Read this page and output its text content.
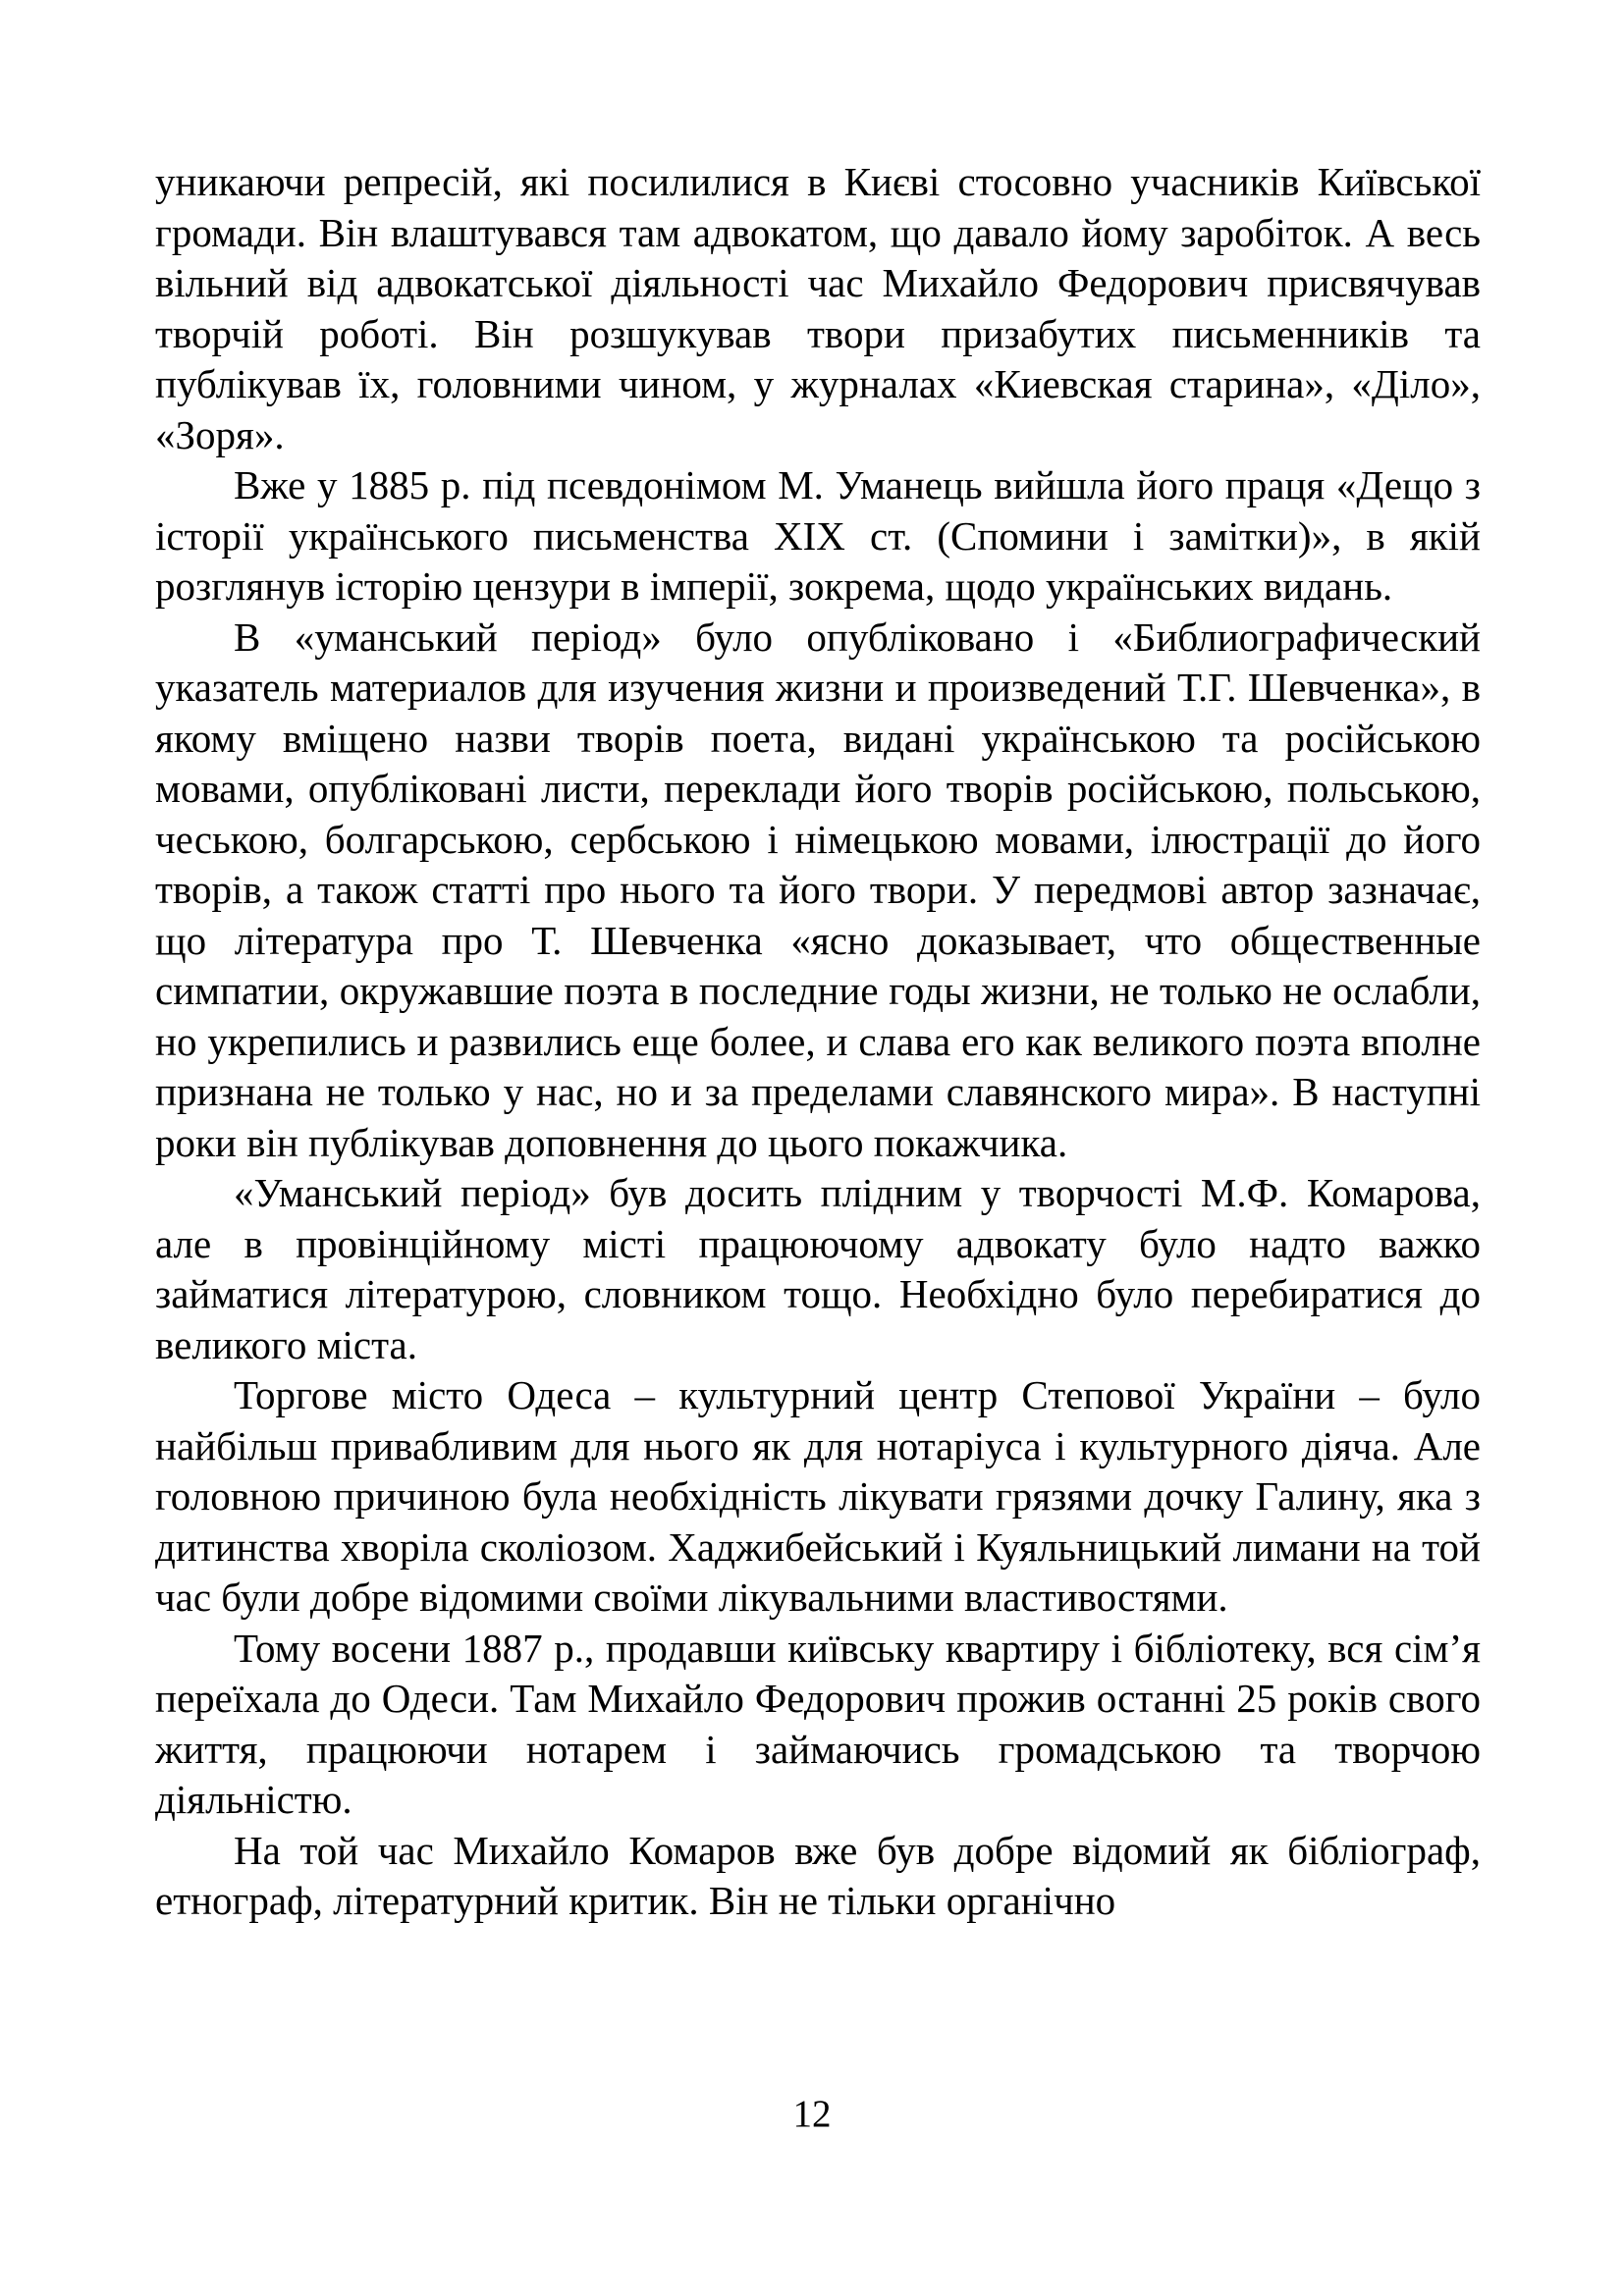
уникаючи репресій, які посилилися в Києві стосовно учасників Київської громади. Він влаштувався там адвокатом, що давало йому заробіток. А весь вільний від адвокатської діяльності час Михайло Федорович присвячував творчій роботі. Він розшукував твори призабутих письменників та публікував їх, головними чином, у журналах «Киевская старина», «Діло», «Зоря».

Вже у 1885 р. під псевдонімом М. Уманець вийшла його праця «Дещо з історії українського письменства XIX ст. (Спомини і замітки)», в якій розглянув історію цензури в імперії, зокрема, щодо українських видань.

В «уманський період» було опубліковано і «Библиографический указатель материалов для изучения жизни и произведений Т.Г. Шевченка», в якому вміщено назви творів поета, видані українською та російською мовами, опубліковані листи, переклади його творів російською, польською, чеською, болгарською, сербською і німецькою мовами, ілюстрації до його творів, а також статті про нього та його твори. У передмові автор зазначає, що література про Т. Шевченка «ясно доказывает, что общественные симпатии, окружавшие поэта в последние годы жизни, не только не ослабли, но укрепились и развились еще более, и слава его как великого поэта вполне признана не только у нас, но и за пределами славянского мира». В наступні роки він публікував доповнення до цього покажчика.

«Уманський період» був досить плідним у творчості М.Ф. Комарова, але в провінційному місті працюючому адвокату було надто важко займатися літературою, словником тощо. Необхідно було перебиратися до великого міста.

Торгове місто Одеса – культурний центр Степової України – було найбільш привабливим для нього як для нотаріуса і культурного діяча. Але головною причиною була необхідність лікувати грязями дочку Галину, яка з дитинства хворіла сколіозом. Хаджибейський і Куяльницький лимани на той час були добре відомими своїми лікувальними властивостями.

Тому восени 1887 р., продавши київську квартиру і бібліотеку, вся сім’я переїхала до Одеси. Там Михайло Федорович прожив останні 25 років свого життя, працюючи нотарем і займаючись громадською та творчою діяльністю.

На той час Михайло Комаров вже був добре відомий як бібліограф, етнограф, літературний критик. Він не тільки органічно

12
